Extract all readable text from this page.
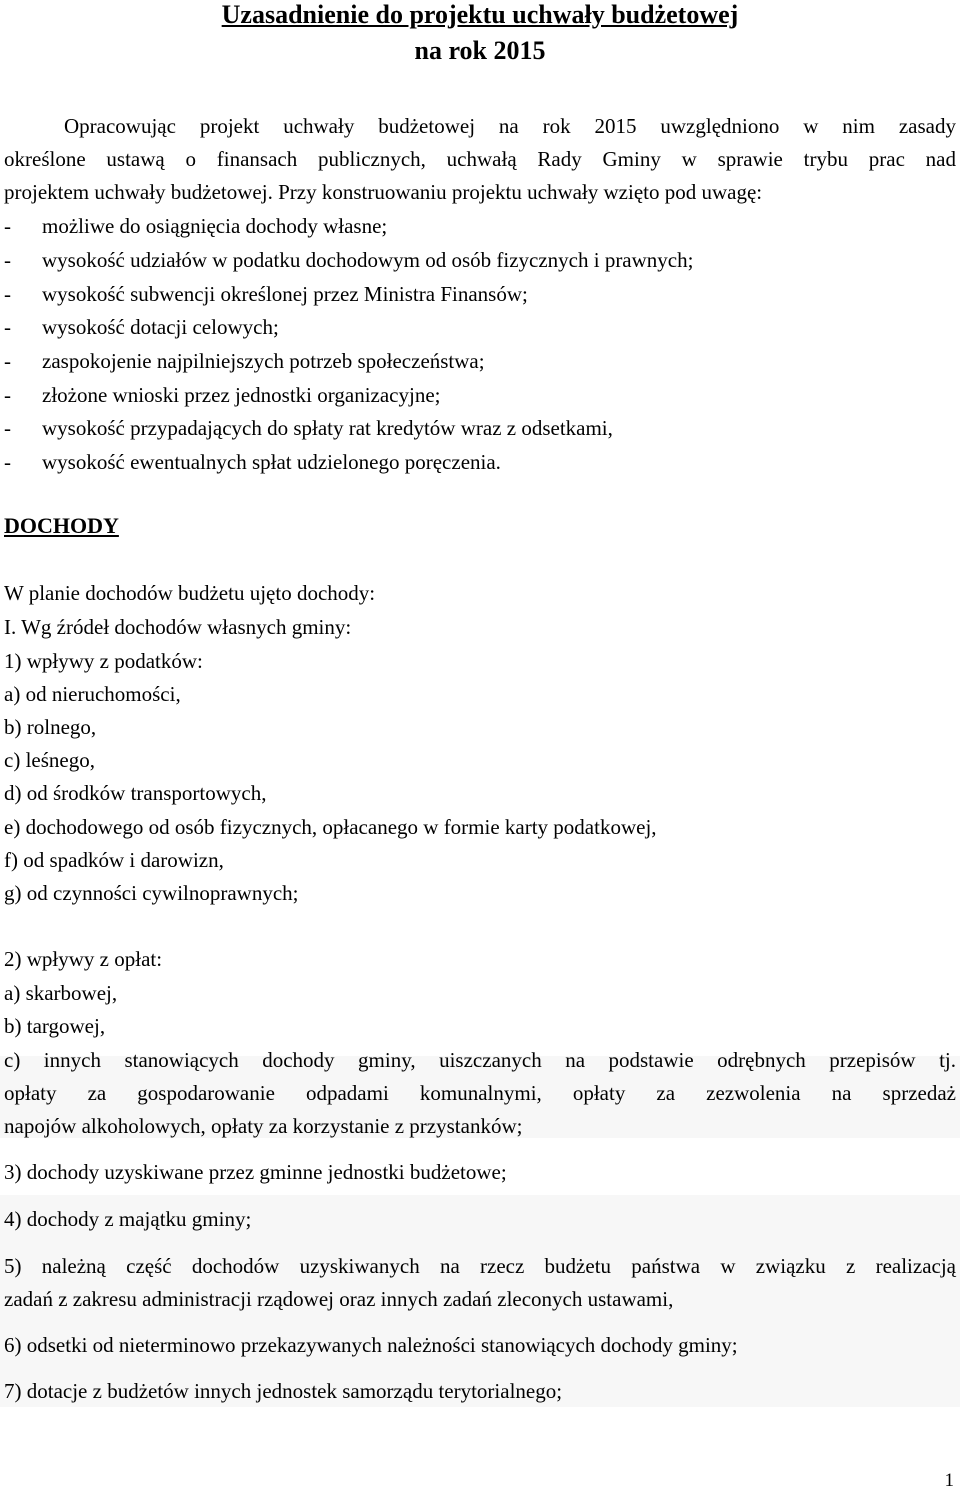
Uzasadnienie do projektu uchwały budżetowej
na rok 2015
Opracowując projekt uchwały budżetowej na rok 2015 uwzględniono w nim zasady
określone ustawą o finansach publicznych, uchwałą Rady Gminy w sprawie trybu prac nad
projektem uchwały budżetowej. Przy konstruowaniu projektu uchwały wzięto pod uwagę:
- możliwe do osiągnięcia dochody własne;
- wysokość udziałów w podatku dochodowym od osób fizycznych i prawnych;
- wysokość subwencji określonej przez Ministra Finansów;
- wysokość dotacji celowych;
- zaspokojenie najpilniejszych potrzeb społeczeństwa;
- złożone wnioski przez jednostki organizacyjne;
- wysokość przypadających do spłaty rat kredytów wraz z odsetkami,
- wysokość ewentualnych spłat udzielonego poręczenia.
DOCHODY
W planie dochodów budżetu ujęto dochody:
I. Wg źródeł dochodów własnych gminy:
1) wpływy z podatków:
a) od nieruchomości,
b) rolnego,
c) leśnego,
d) od środków transportowych,
e) dochodowego od osób fizycznych, opłacanego w formie karty podatkowej,
f) od spadków i darowizn,
g) od czynności cywilnoprawnych;
2) wpływy z opłat:
a) skarbowej,
b) targowej,
c) innych stanowiących dochody gminy, uiszczanych na podstawie odrębnych przepisów tj.
opłaty za gospodarowanie odpadami komunalnymi, opłaty za zezwolenia na sprzedaż
napojów alkoholowych, opłaty za korzystanie z przystanków;
3) dochody uzyskiwane przez gminne jednostki budżetowe;
4) dochody z majątku gminy;
5) należną część dochodów uzyskiwanych na rzecz budżetu państwa w związku z realizacją
zadań z zakresu administracji rządowej oraz innych zadań zleconych ustawami,
6) odsetki od nieterminowo przekazywanych należności stanowiących dochody gminy;
7) dotacje z budżetów innych jednostek samorządu terytorialnego;
1
